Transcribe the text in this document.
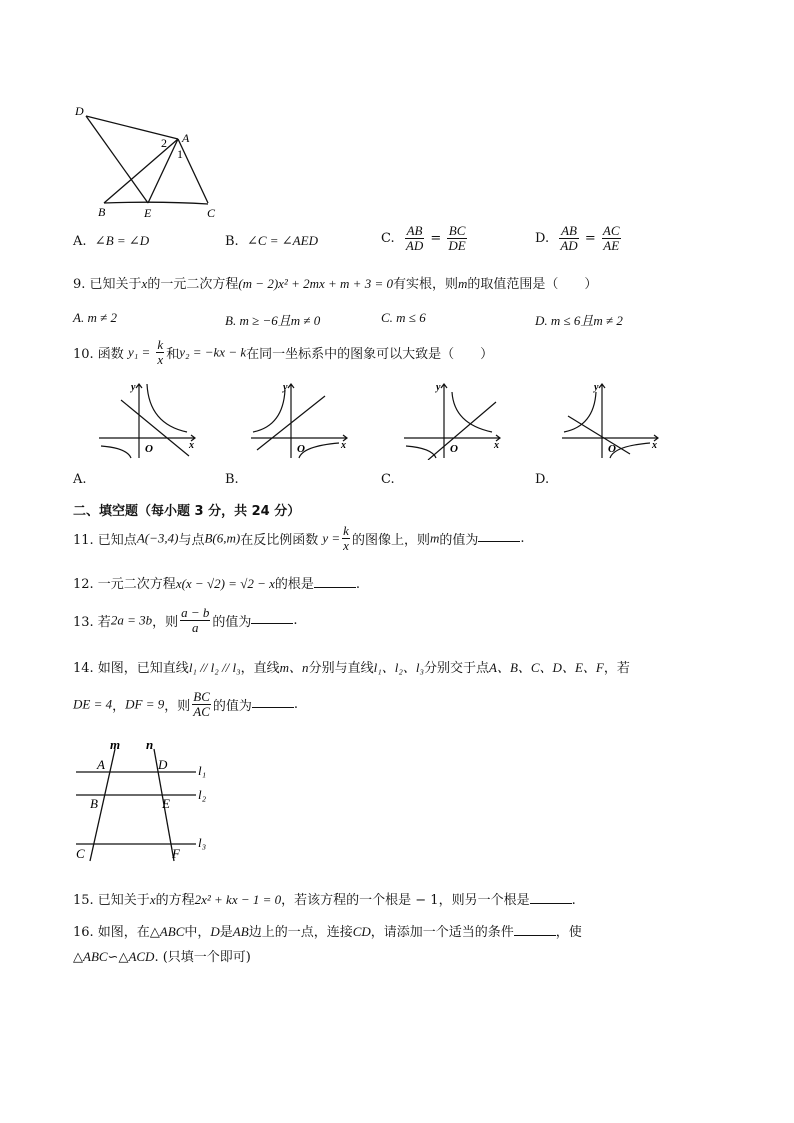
D
A
2
1
B	E	C
A. ∠B = ∠D	B. ∠C = ∠AED	C. $\frac{AB}{AD} = \frac{BC}{DE}$	D. $\frac{AB}{AD} = \frac{AC}{AE}$
9. 已知关于x的一元二次方程(m − 2)x² + 2mx + m + 3 = 0有实根，则m的取值范围是（　　）
A. m ≠ 2	B. m ≥ −6且m ≠ 0	C. m ≤ 6	D. m ≤ 6且m ≠ 2
10. 函数 $y_1 = \frac{k}{x}$ 和y₂ = −kx − k在同一坐标系中的图象可以大致是（　　）
y
x
O
A.
y
x
O
B.
y
x
O
C.
y
x
O
D.
二、填空题（每小题 3 分，共 24 分）
11. 已知点A(−3,4)与点B(6,m)在反比例函数 $y = \frac{k}{x}$ 的图像上，则m的值为	.
12. 一元二次方程x(x − √2) = √2 − x的根是	.
13. 若2a = 3b，则 $\frac{a - b}{a}$ 的值为	.
14. 如图，已知直线l₁ // l₂ // l₃，直线m、n分别与直线l₁、l₂、l₃分别交于点A、B、C、D、E、F，若
DE = 4，DF = 9，则 $\frac{BC}{AC}$ 的值为	.
m n
A	D l₁
B	E
l₂
C	F
l₃
15. 已知关于x的方程2x² + kx − 1 = 0，若该方程的一个根是 − 1，则另一个根是	.
16. 如图，在△ABC中，D是AB边上的一点，连接CD，请添加一个适当的条件	，使
△ABC∽△ACD. (只填一个即可)
